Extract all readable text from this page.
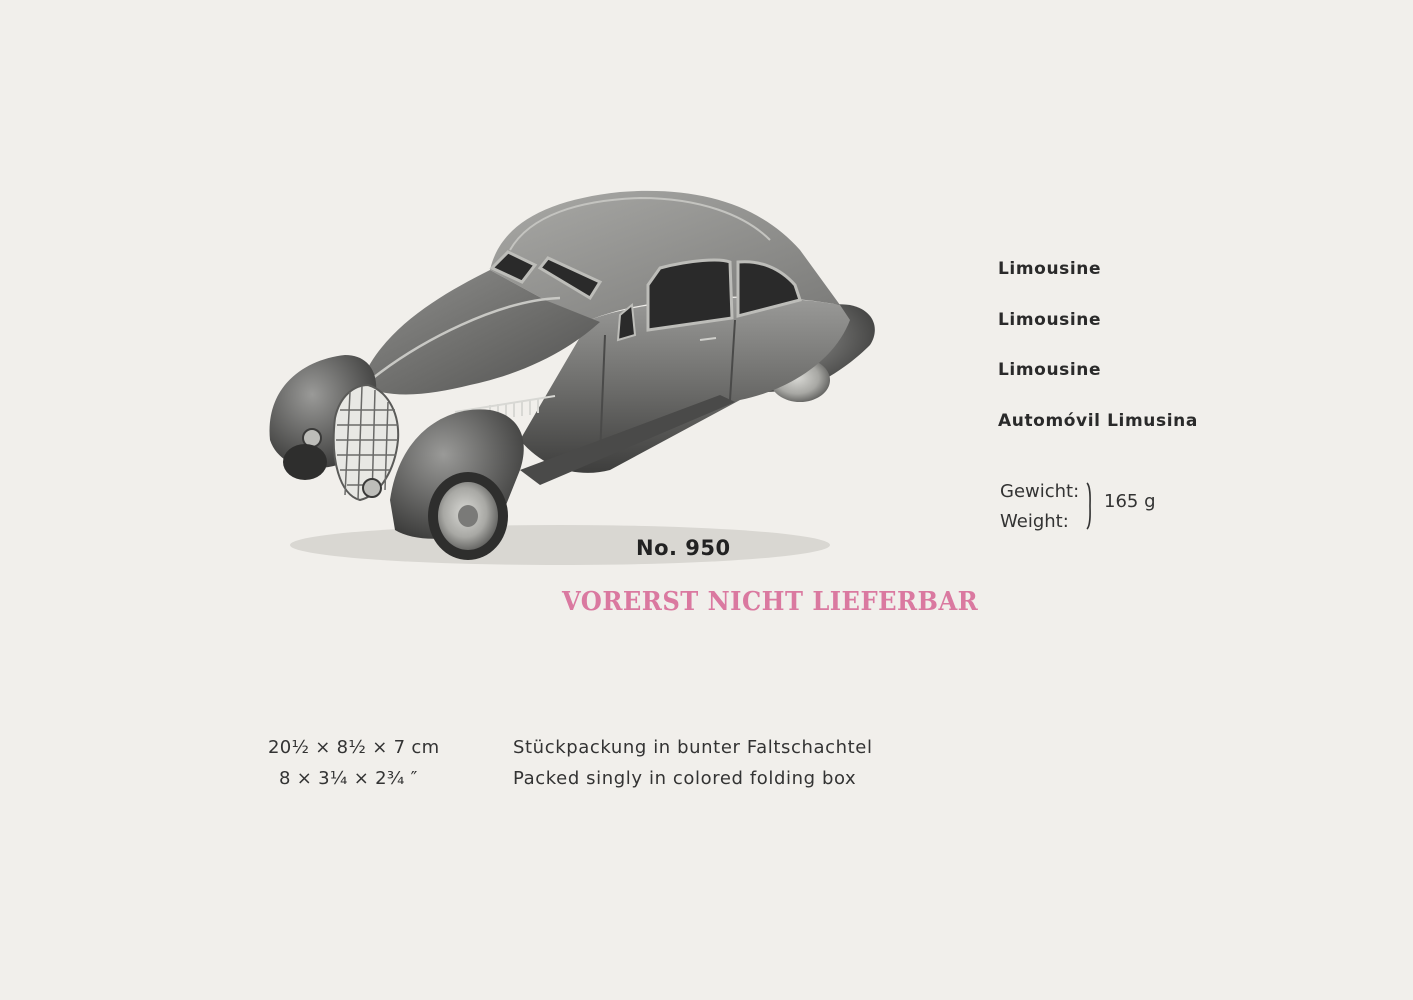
Limousine
Limousine
Limousine
Automóvil Limusina
Gewicht:
Weight:
165 g
No. 950
VORERST NICHT LIEFERBAR
20½ × 8½ × 7 cm
8 × 3¼ × 2¾ ″
Stückpackung in bunter Faltschachtel
Packed singly in colored folding box
